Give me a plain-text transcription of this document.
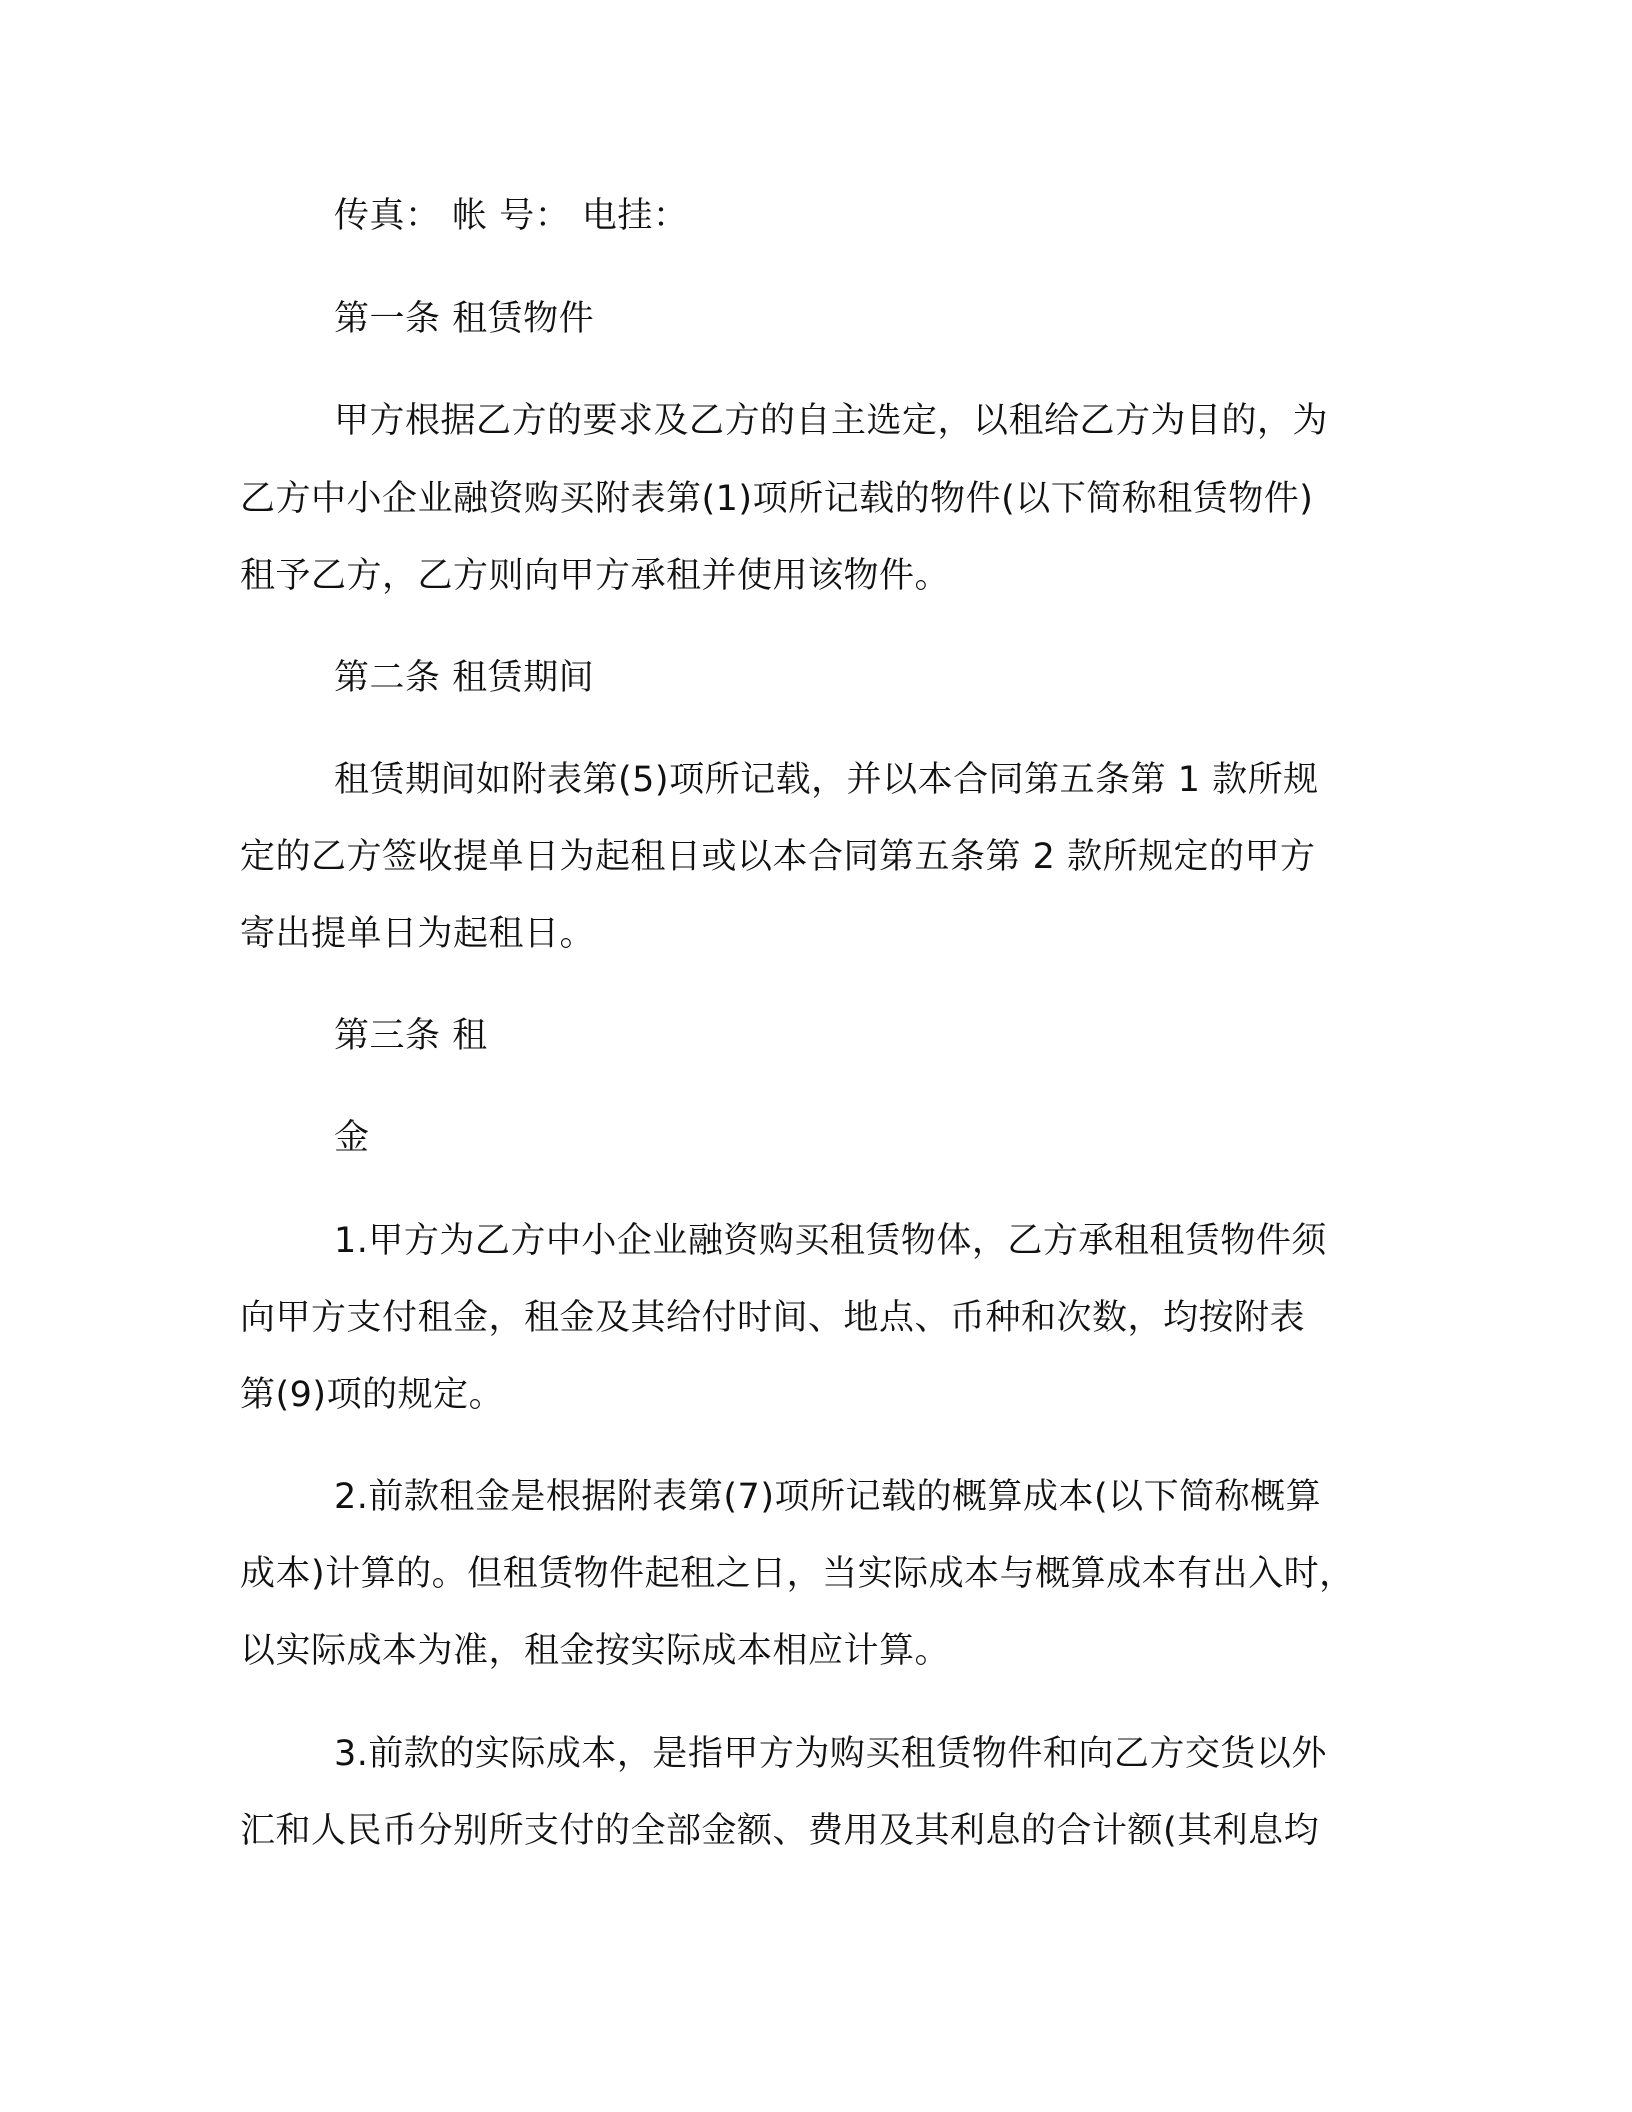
传真： 帐 号： 电挂：

第一条 租赁物件

甲方根据乙方的要求及乙方的自主选定，以租给乙方为目的，为

乙方中小企业融资购买附表第(1)项所记载的物件(以下简称租赁物件)

租予乙方，乙方则向甲方承租并使用该物件。

第二条 租赁期间

租赁期间如附表第(5)项所记载，并以本合同第五条第 1 款所规

定的乙方签收提单日为起租日或以本合同第五条第 2 款所规定的甲方

寄出提单日为起租日。

第三条 租

金

1.甲方为乙方中小企业融资购买租赁物体，乙方承租租赁物件须

向甲方支付租金，租金及其给付时间、地点、币种和次数，均按附表

第(9)项的规定。

2.前款租金是根据附表第(7)项所记载的概算成本(以下简称概算

成本)计算的。但租赁物件起租之日，当实际成本与概算成本有出入时，

以实际成本为准，租金按实际成本相应计算。

3.前款的实际成本，是指甲方为购买租赁物件和向乙方交货以外

汇和人民币分别所支付的全部金额、费用及其利息的合计额(其利息均
